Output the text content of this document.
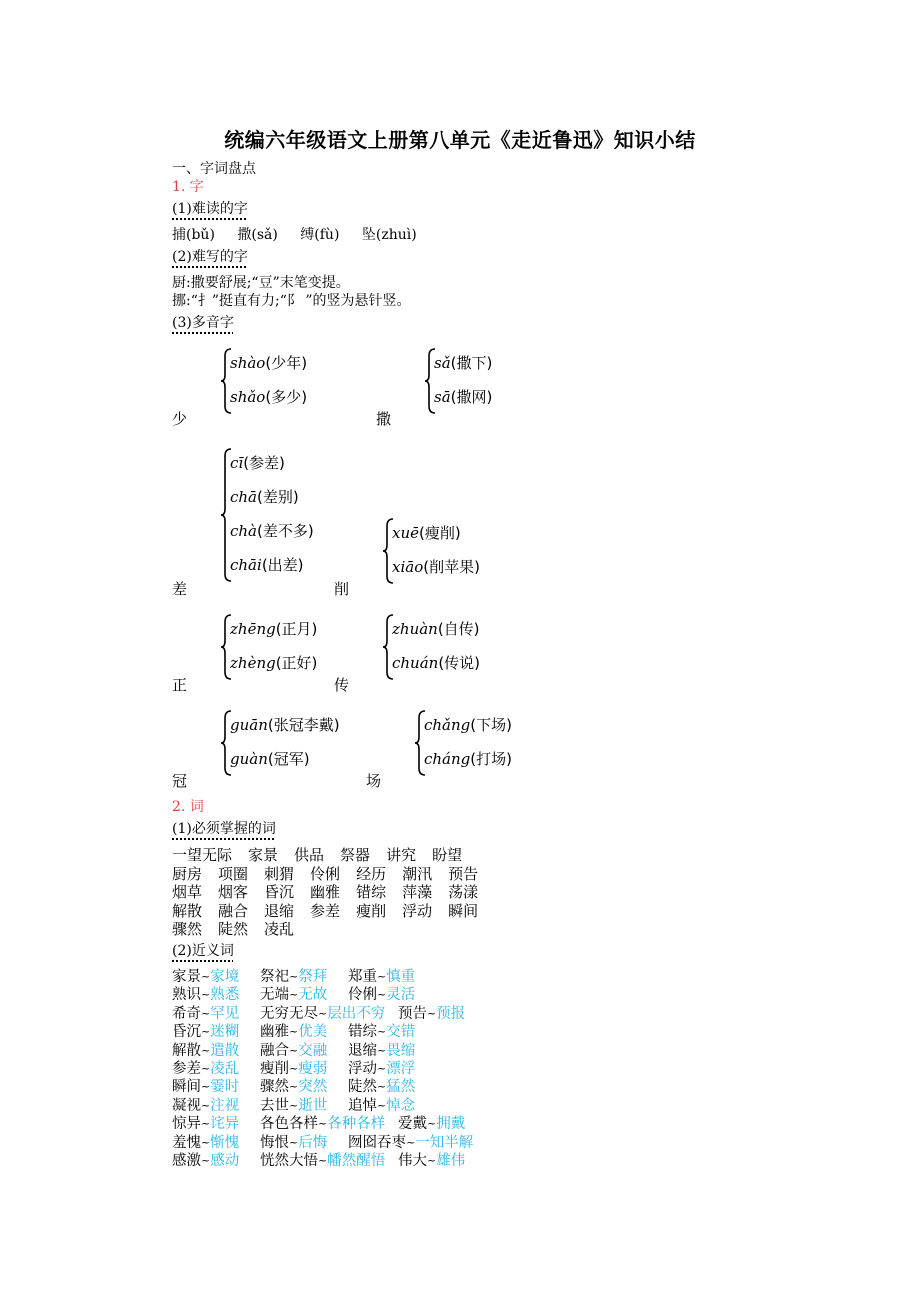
统编六年级语文上册第八单元《走近鲁迅》知识小结
一、字词盘点
1. 字
(1)难读的字
捕(bǔ) 撒(sǎ) 缚(fù) 坠(zhuì)
(2)难写的字
厨:撒要舒展;“豆”末笔变提。
挪:“扌”挺直有力;“阝 ”的竖为悬针竖。
(3)多音字
少
shào(少年)
shǎo(多少)
撒
sǎ(撒下)
sā(撒网)
差
cī(参差)
chā(差别)
chà(差不多)
chāi(出差)
削
xuē(瘦削)
xiāo(削苹果)
正
zhēng(正月)
zhèng(正好)
传
zhuàn(自传)
chuán(传说)
冠
guān(张冠李戴)
guàn(冠军)
场
chǎng(下场)
cháng(打场)
2. 词
(1)必须掌握的词
一望无际 家景 供品 祭器 讲究 盼望
厨房 项圈 刺猬 伶俐 经历 潮汛 预告
烟草 烟客 昏沉 幽雅 错综 萍藻 荡漾
解散 融合 退缩 参差 瘦削 浮动 瞬间
骤然 陡然 凌乱
(2)近义词
家景~家境 祭祀~祭拜 郑重~慎重
熟识~熟悉 无端~无故 伶俐~灵活
希奇~罕见 无穷无尽~层出不穷 预告~预报
昏沉~迷糊 幽雅~优美 错综~交错
解散~遣散 融合~交融 退缩~畏缩
参差~凌乱 瘦削~瘦弱 浮动~漂浮
瞬间~霎时 骤然~突然 陡然~猛然
凝视~注视 去世~逝世 追悼~悼念
惊异~诧异 各色各样~各种各样 爱戴~拥戴
羞愧~惭愧 悔恨~后悔 囫囵吞枣~一知半解
感激~感动 恍然大悟~幡然醒悟 伟大~雄伟
